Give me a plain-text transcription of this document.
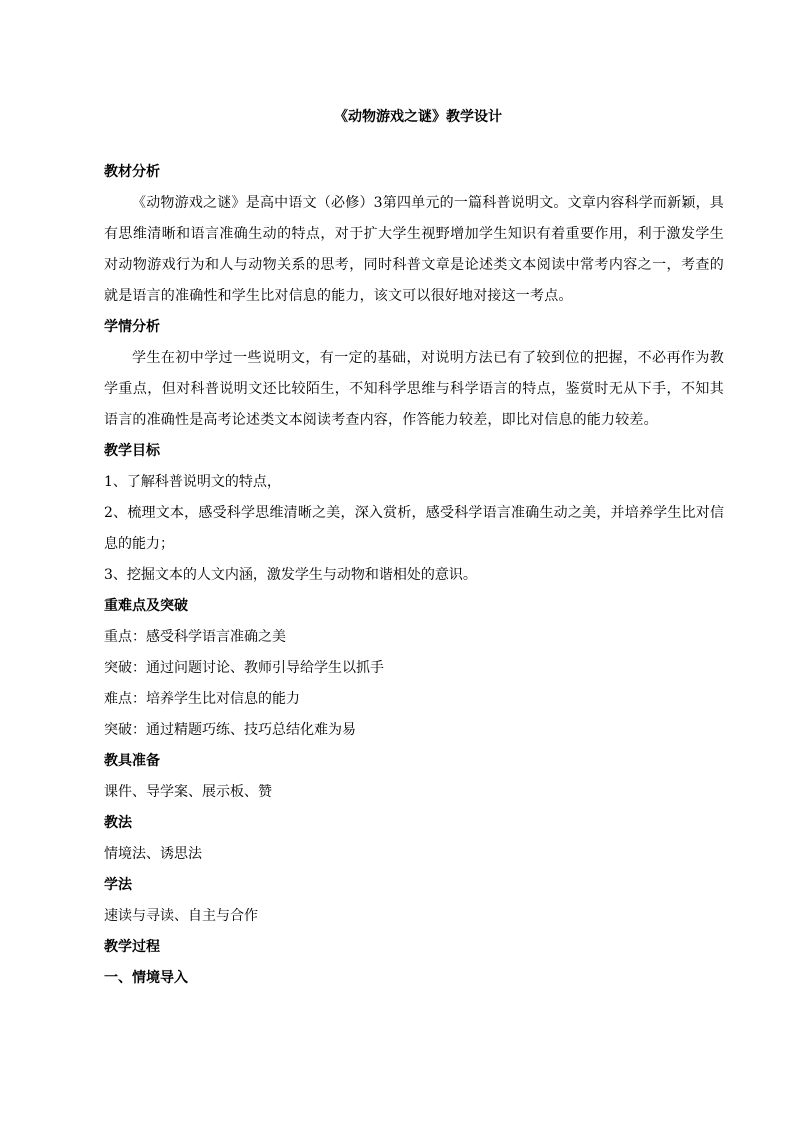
《动物游戏之谜》教学设计
教材分析
《动物游戏之谜》是高中语文（必修）3第四单元的一篇科普说明文。文章内容科学而新颖，具有思维清晰和语言准确生动的特点，对于扩大学生视野增加学生知识有着重要作用，利于激发学生对动物游戏行为和人与动物关系的思考，同时科普文章是论述类文本阅读中常考内容之一，考查的就是语言的准确性和学生比对信息的能力，该文可以很好地对接这一考点。
学情分析
学生在初中学过一些说明文，有一定的基础，对说明方法已有了较到位的把握，不必再作为教学重点，但对科普说明文还比较陌生，不知科学思维与科学语言的特点，鉴赏时无从下手，不知其语言的准确性是高考论述类文本阅读考查内容，作答能力较差，即比对信息的能力较差。
教学目标
1、了解科普说明文的特点，
2、梳理文本，感受科学思维清晰之美，深入赏析，感受科学语言准确生动之美，并培养学生比对信息的能力；
3、挖掘文本的人文内涵，激发学生与动物和谐相处的意识。
重难点及突破
重点：感受科学语言准确之美
突破：通过问题讨论、教师引导给学生以抓手
难点：培养学生比对信息的能力
突破：通过精题巧练、技巧总结化难为易
教具准备
课件、导学案、展示板、赞
教法
情境法、诱思法
学法
速读与寻读、自主与合作
教学过程
一、情境导入
